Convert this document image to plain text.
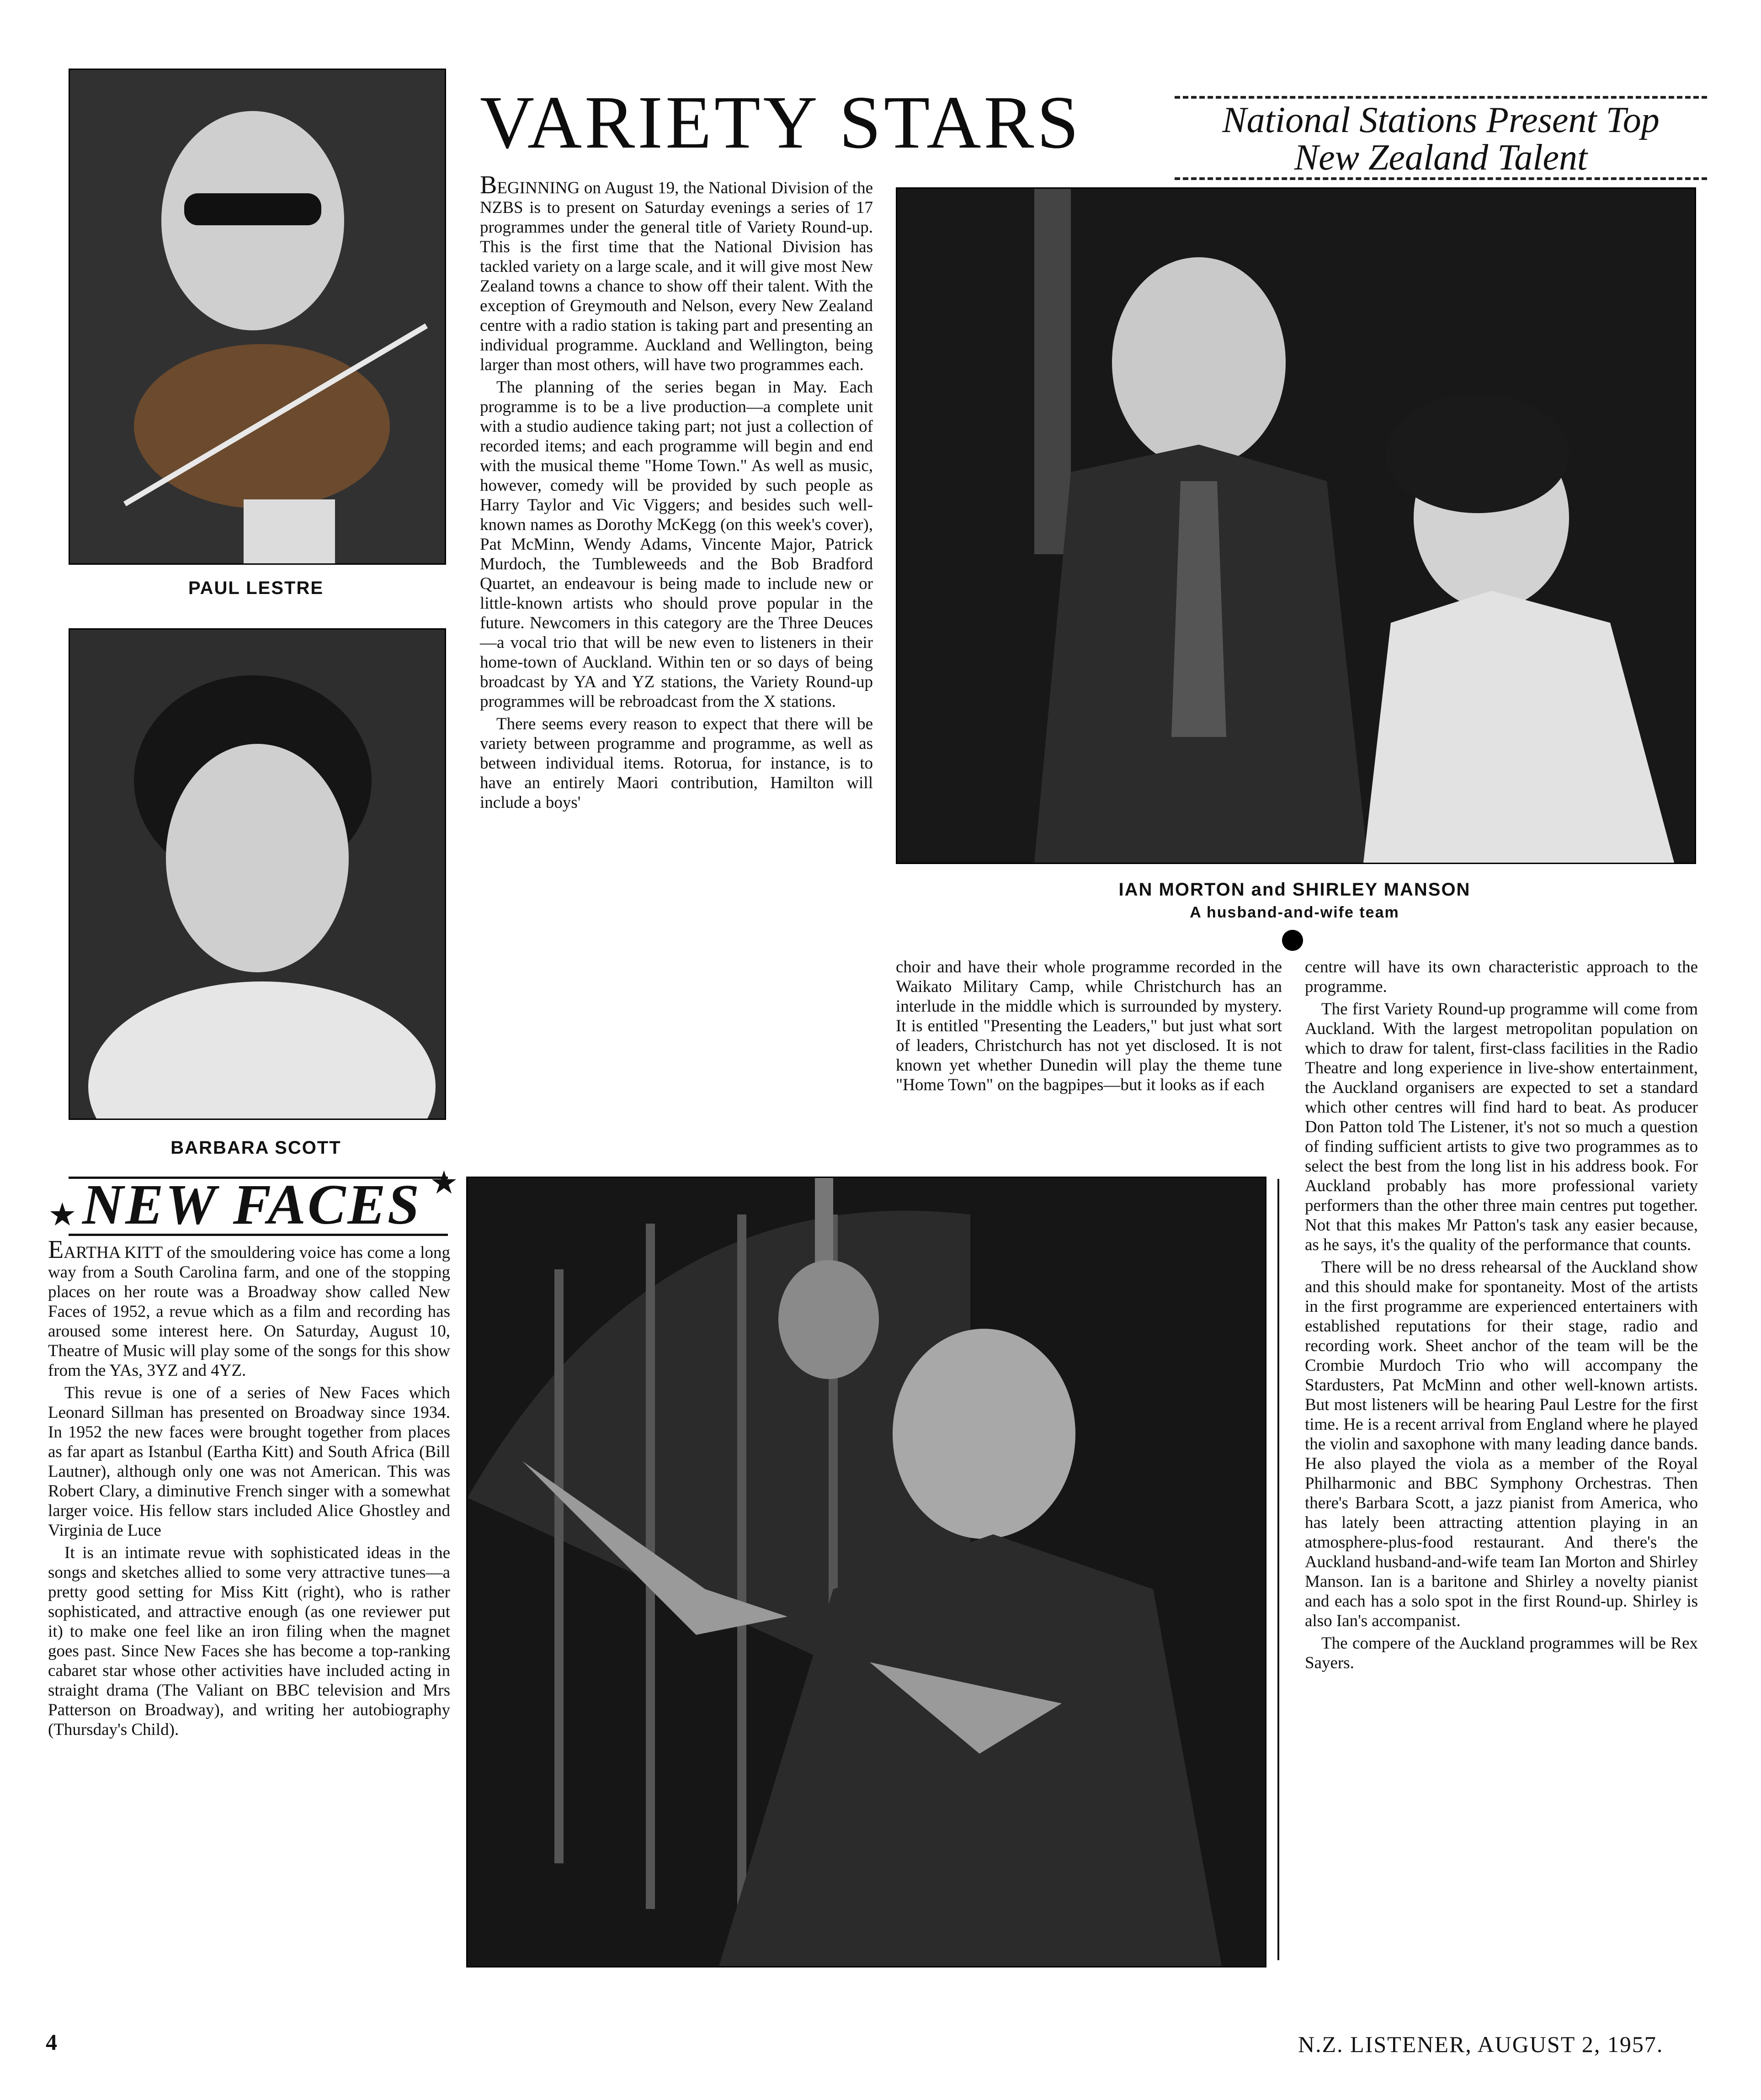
VARIETY STARS	National Stations Present Top
New Zealand Talent
PAUL LESTRE
BARBARA SCOTT

BEGINNING on August 19, the National Division of the NZBS is to present on Saturday evenings a series of 17 programmes under the general title of Variety Round-up. This is the first time that the National Division has tackled variety on a large scale, and it will give most New Zealand towns a chance to show off their talent. With the exception of Greymouth and Nelson, every New Zealand centre with a radio station is taking part and presenting an individual programme. Auckland and Wellington, being larger than most others, will have two programmes each.

The planning of the series began in May. Each programme is to be a live production—a complete unit with a studio audience taking part; not just a collection of recorded items; and each programme will begin and end with the musical theme "Home Town." As well as music, however, comedy will be provided by such people as Harry Taylor and Vic Viggers; and besides such well-known names as Dorothy McKegg (on this week's cover), Pat McMinn, Wendy Adams, Vincente Major, Patrick Murdoch, the Tumbleweeds and the Bob Bradford Quartet, an endeavour is being made to include new or little-known artists who should prove popular in the future. Newcomers in this category are the Three Deuces—a vocal trio that will be new even to listeners in their home-town of Auckland. Within ten or so days of being broadcast by YA and YZ stations, the Variety Round-up programmes will be rebroadcast from the X stations.

There seems every reason to expect that there will be variety between programme and programme, as well as between individual items. Rotorua, for instance, is to have an entirely Maori contribution, Hamilton will include a boys'

IAN MORTON and SHIRLEY MANSON
A husband-and-wife team

choir and have their whole programme recorded in the Waikato Military Camp, while Christchurch has an interlude in the middle which is surrounded by mystery. It is entitled "Presenting the Leaders," but just what sort of leaders, Christchurch has not yet disclosed. It is not known yet whether Dunedin will play the theme tune "Home Town" on the bagpipes—but it looks as if each

centre will have its own characteristic approach to the programme.

The first Variety Round-up programme will come from Auckland. With the largest metropolitan population on which to draw for talent, first-class facilities in the Radio Theatre and long experience in live-show entertainment, the Auckland organisers are expected to set a standard which other centres will find hard to beat. As producer Don Patton told The Listener, it's not so much a question of finding sufficient artists to give two programmes as to select the best from the long list in his address book. For Auckland probably has more professional variety performers than the other three main centres put together. Not that this makes Mr Patton's task any easier because, as he says, it's the quality of the performance that counts.

There will be no dress rehearsal of the Auckland show and this should make for spontaneity. Most of the artists in the first programme are experienced entertainers with established reputations for their stage, radio and recording work. Sheet anchor of the team will be the Crombie Murdoch Trio who will accompany the Stardusters, Pat McMinn and other well-known artists. But most listeners will be hearing Paul Lestre for the first time. He is a recent arrival from England where he played the violin and saxophone with many leading dance bands. He also played the viola as a member of the Royal Philharmonic and BBC Symphony Orchestras. Then there's Barbara Scott, a jazz pianist from America, who has lately been attracting attention playing in an atmosphere-plus-food restaurant. And there's the Auckland husband-and-wife team Ian Morton and Shirley Manson. Ian is a baritone and Shirley a novelty pianist and each has a solo spot in the first Round-up. Shirley is also Ian's accompanist.

The compere of the Auckland programmes will be Rex Sayers.

★ NEW FACES ★

EARTHA KITT of the smouldering voice has come a long way from a South Carolina farm, and one of the stopping places on her route was a Broadway show called New Faces of 1952, a revue which as a film and recording has aroused some interest here. On Saturday, August 10, Theatre of Music will play some of the songs for this show from the YAs, 3YZ and 4YZ.

This revue is one of a series of New Faces which Leonard Sillman has presented on Broadway since 1934. In 1952 the new faces were brought together from places as far apart as Istanbul (Eartha Kitt) and South Africa (Bill Lautner), although only one was not American. This was Robert Clary, a diminutive French singer with a somewhat larger voice. His fellow stars included Alice Ghostley and Virginia de Luce

It is an intimate revue with sophisticated ideas in the songs and sketches allied to some very attractive tunes—a pretty good setting for Miss Kitt (right), who is rather sophisticated, and attractive enough (as one reviewer put it) to make one feel like an iron filing when the magnet goes past. Since New Faces she has become a top-ranking cabaret star whose other activities have included acting in straight drama (The Valiant on BBC television and Mrs Patterson on Broadway), and writing her autobiography (Thursday's Child).

4	N.Z. LISTENER, AUGUST 2, 1957.
